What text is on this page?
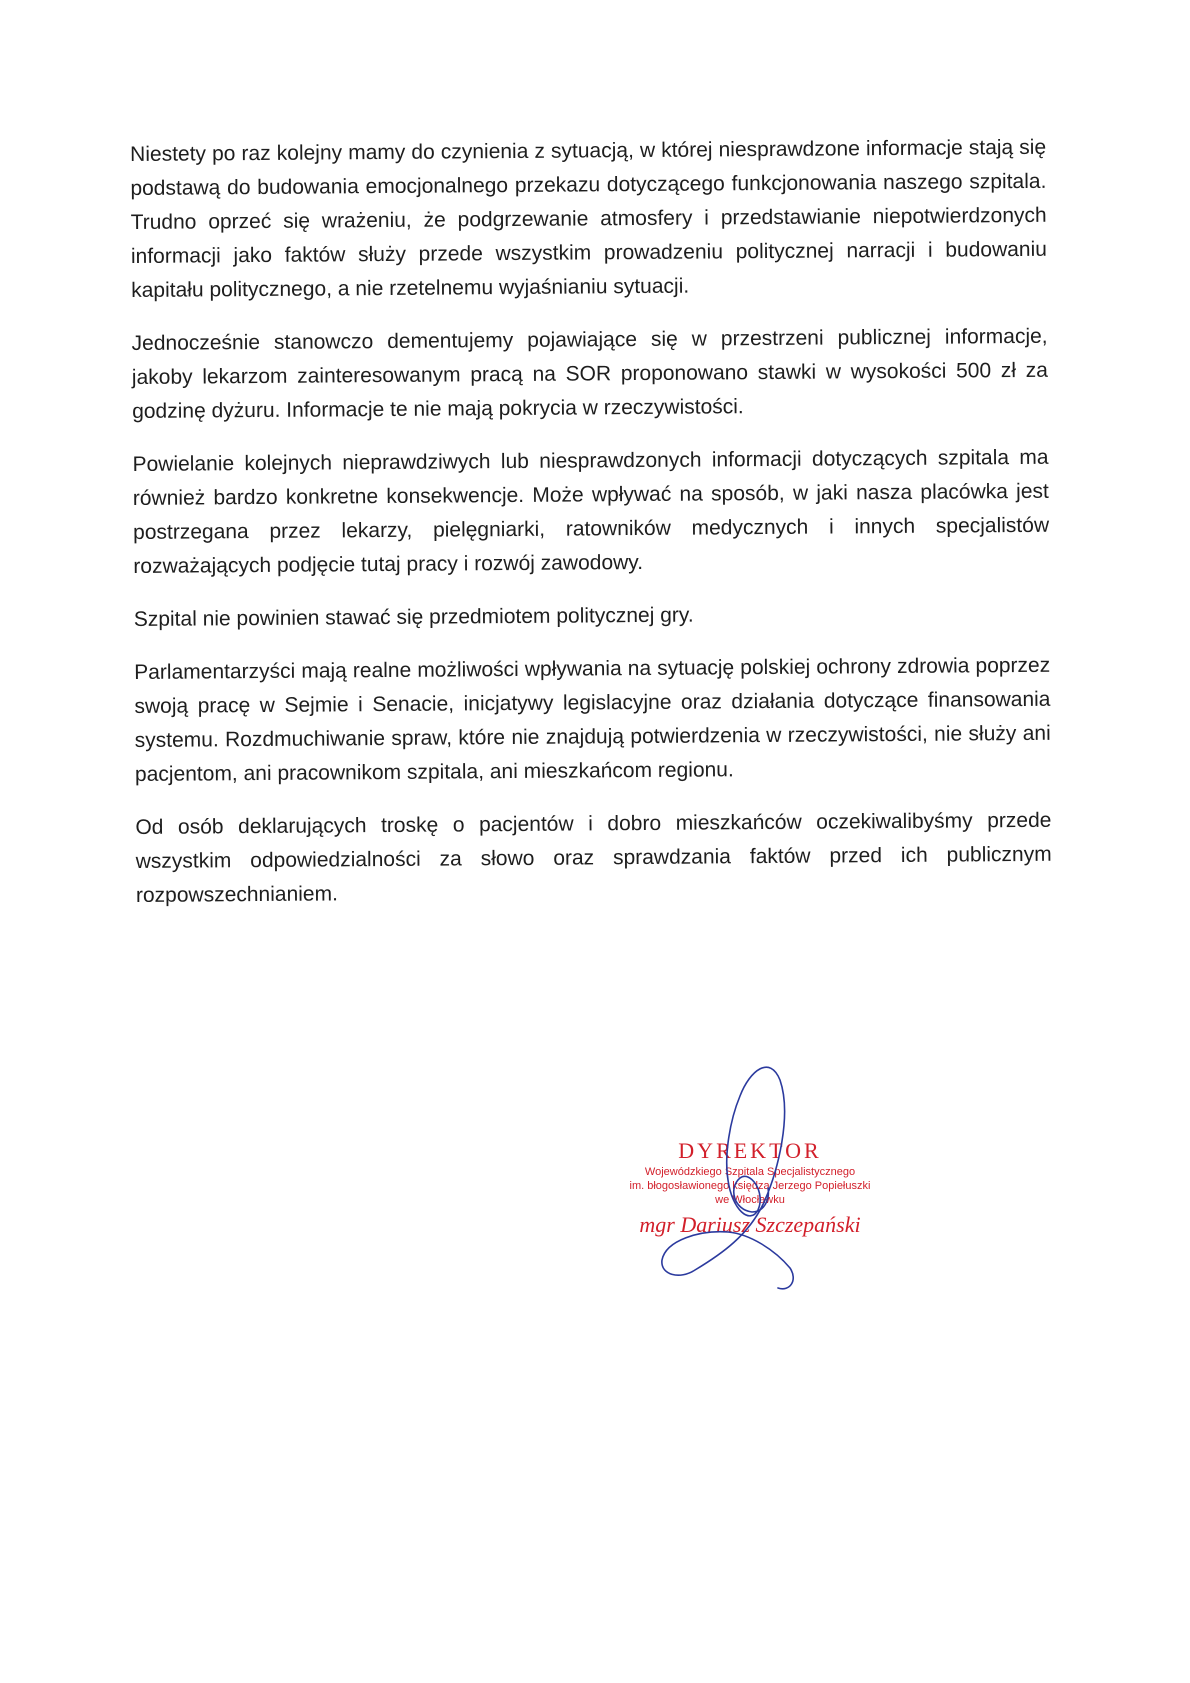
Niestety po raz kolejny mamy do czynienia z sytuacją, w której niesprawdzone informacje stają się podstawą do budowania emocjonalnego przekazu dotyczącego funkcjonowania naszego szpitala. Trudno oprzeć się wrażeniu, że podgrzewanie atmosfery i przedstawianie niepotwierdzonych informacji jako faktów służy przede wszystkim prowadzeniu politycznej narracji i budowaniu kapitału politycznego, a nie rzetelnemu wyjaśnianiu sytuacji.

Jednocześnie stanowczo dementujemy pojawiające się w przestrzeni publicznej informacje, jakoby lekarzom zainteresowanym pracą na SOR proponowano stawki w wysokości 500 zł za godzinę dyżuru. Informacje te nie mają pokrycia w rzeczywistości.

Powielanie kolejnych nieprawdziwych lub niesprawdzonych informacji dotyczących szpitala ma również bardzo konkretne konsekwencje. Może wpływać na sposób, w jaki nasza placówka jest postrzegana przez lekarzy, pielęgniarki, ratowników medycznych i innych specjalistów rozważających podjęcie tutaj pracy i rozwój zawodowy.

Szpital nie powinien stawać się przedmiotem politycznej gry.

Parlamentarzyści mają realne możliwości wpływania na sytuację polskiej ochrony zdrowia poprzez swoją pracę w Sejmie i Senacie, inicjatywy legislacyjne oraz działania dotyczące finansowania systemu. Rozdmuchiwanie spraw, które nie znajdują potwierdzenia w rzeczywistości, nie służy ani pacjentom, ani pracownikom szpitala, ani mieszkańcom regionu.

Od osób deklarujących troskę o pacjentów i dobro mieszkańców oczekiwalibyśmy przede wszystkim odpowiedzialności za słowo oraz sprawdzania faktów przed ich publicznym rozpowszechnianiem.

DYREKTOR

Wojewódzkiego Szpitala Specjalistycznego

im. błogosławionego księdza Jerzego Popiełuszki

we Włocławku

mgr Dariusz Szczepański
